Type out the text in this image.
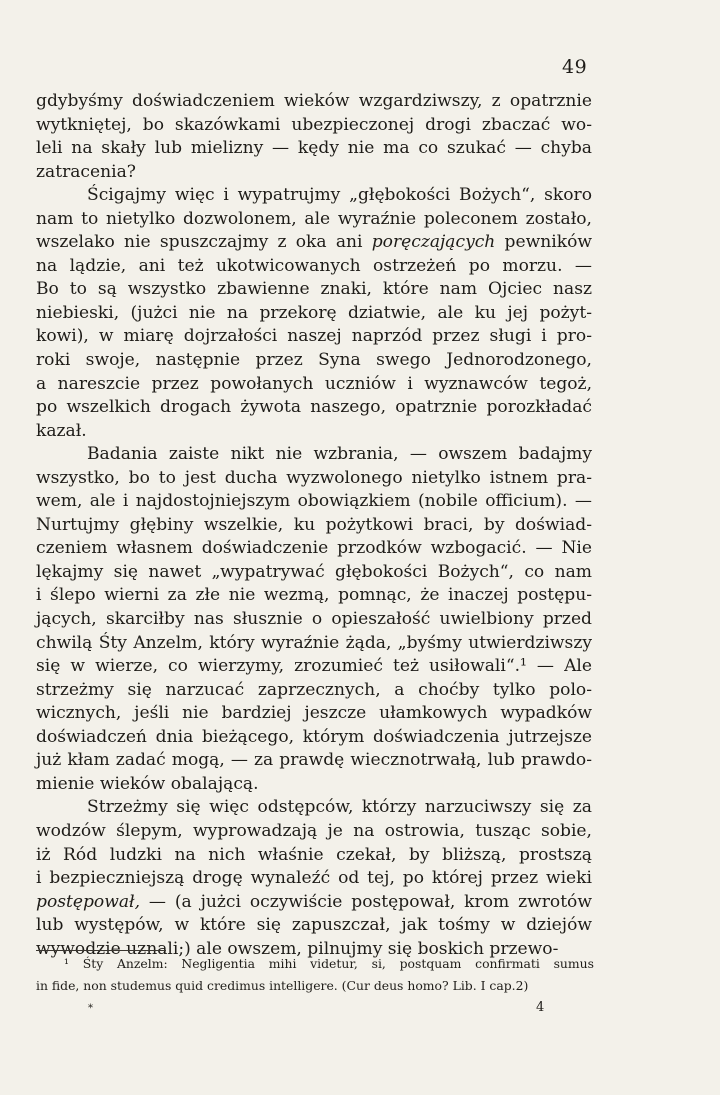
49

gdybyśmy doświadczeniem wieków wzgardziwszy, z opatrznie
wytkniętej, bo skazówkami ubezpieczonej drogi zbaczać wo-
leli na skały lub mielizny — kędy nie ma co szukać — chyba
zatracenia?

Ścigajmy więc i wypatrujmy „głębokości Bożych“, skoro
nam to nietylko dozwolonem, ale wyraźnie poleconem zostało,
wszelako nie spuszczajmy z oka ani poręczających pewników
na lądzie, ani też ukotwicowanych ostrzeżeń po morzu. —
Bo to są wszystko zbawienne znaki, które nam Ojciec nasz
niebieski, (jużci nie na przekorę dziatwie, ale ku jej pożyt-
kowi), w miarę dojrzałości naszej naprzód przez sługi i pro-
roki swoje, następnie przez Syna swego Jednorodzonego,
a nareszcie przez powołanych uczniów i wyznawców tegoż,
po wszelkich drogach żywota naszego, opatrznie porozkładać
kazał.

Badania zaiste nikt nie wzbrania, — owszem badajmy
wszystko, bo to jest ducha wyzwolonego nietylko istnem pra-
wem, ale i najdostojniejszym obowiązkiem (nobile officium). —
Nurtujmy głębiny wszelkie, ku pożytkowi braci, by doświad-
czeniem własnem doświadczenie przodków wzbogacić. — Nie
lękajmy się nawet „wypatrywać głębokości Bożych“, co nam
i ślepo wierni za złe nie wezmą, pomnąc, że inaczej postępu-
jących, skarciłby nas słusznie o opieszałość uwielbiony przed
chwilą Śty Anzelm, który wyraźnie żąda, „byśmy utwierdziwszy
się w wierze, co wierzymy, zrozumieć też usiłowali“.¹ — Ale
strzeżmy się narzucać zaprzecznych, a choćby tylko polo-
wicznych, jeśli nie bardziej jeszcze ułamkowych wypadków
doświadczeń dnia bieżącego, którym doświadczenia jutrzejsze
już kłam zadać mogą, — za prawdę wiecznotrwałą, lub prawdo-
mienie wieków obalającą.

Strzeżmy się więc odstępców, którzy narzuciwszy się za
wodzów ślepym, wyprowadzają je na ostrowia, tusząc sobie,
iż Ród ludzki na nich właśnie czekał, by bliższą, prostszą
i bezpieczniejszą drogę wynaleźć od tej, po której przez wieki
postępował, — (a jużci oczywiście postępował, krom zwrotów
lub występów, w które się zapuszczał, jak tośmy w dziejów
wywodzie uznali;) ale owszem, pilnujmy się boskich przewo-

¹ Śty Anzelm: Negligentia mihi videtur, si, postquam confirmati sumus
in fide, non studemus quid credimus intelligere. (Cur deus homo? Lib. I cap.2)
*	4
